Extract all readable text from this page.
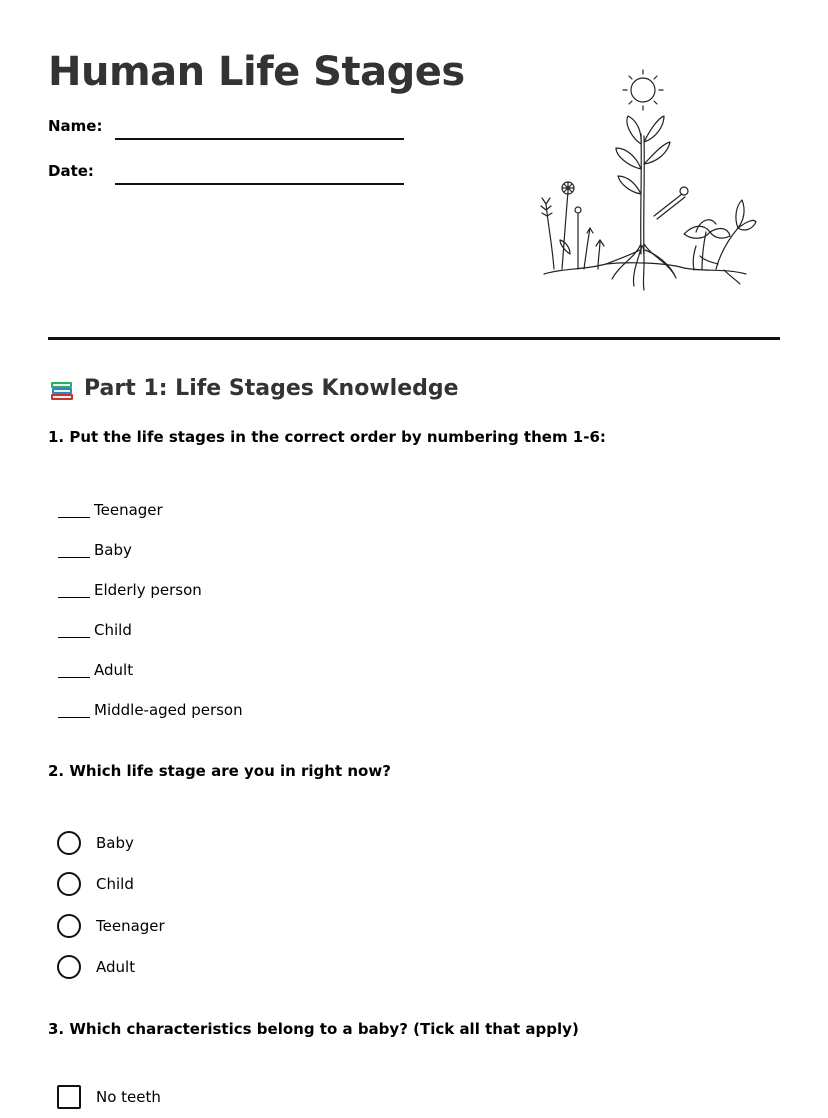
Human Life Stages
Name:
Date:
Part 1: Life Stages Knowledge

1. Put the life stages in the correct order by numbering them 1-6:

Teenager
Baby
Elderly person
Child
Adult
Middle-aged person

2. Which life stage are you in right now?

Baby
Child
Teenager
Adult

3. Which characteristics belong to a baby? (Tick all that apply)

No teeth
